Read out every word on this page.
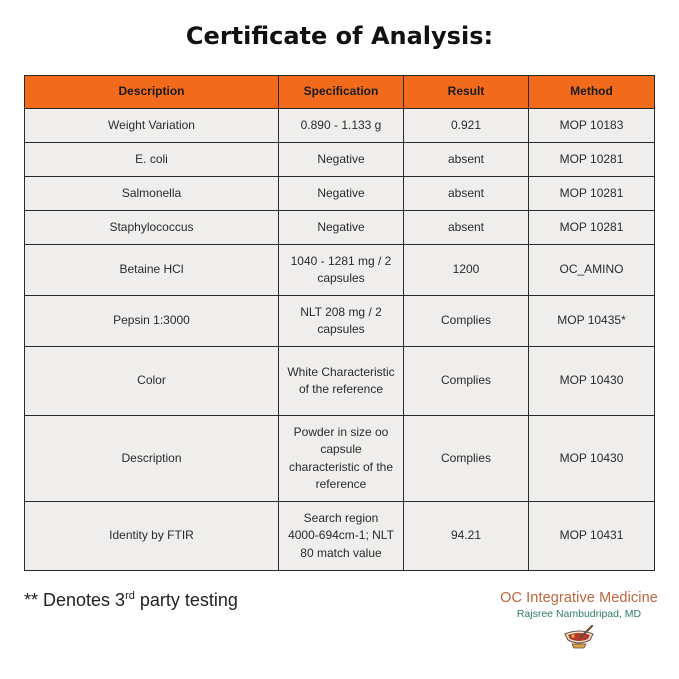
Certificate of Analysis:
Description	Specification	Result	Method
Weight Variation	0.890 - 1.133 g	0.921	MOP 10183
E. coli	Negative	absent	MOP 10281
Salmonella	Negative	absent	MOP 10281
Staphylococcus	Negative	absent	MOP 10281
Betaine HCl	1040 - 1281 mg / 2 capsules	1200	OC_AMINO
Pepsin 1:3000	NLT 208 mg / 2 capsules	Complies	MOP 10435*
Color	White Characteristic of the reference	Complies	MOP 10430
Description	Powder in size oo capsule characteristic of the reference	Complies	MOP 10430
Identity by FTIR	Search region 4000-694cm-1; NLT 80 match value	94.21	MOP 10431
** Denotes 3rd party testing	OC Integrative Medicine
Rajsree Nambudripad, MD
